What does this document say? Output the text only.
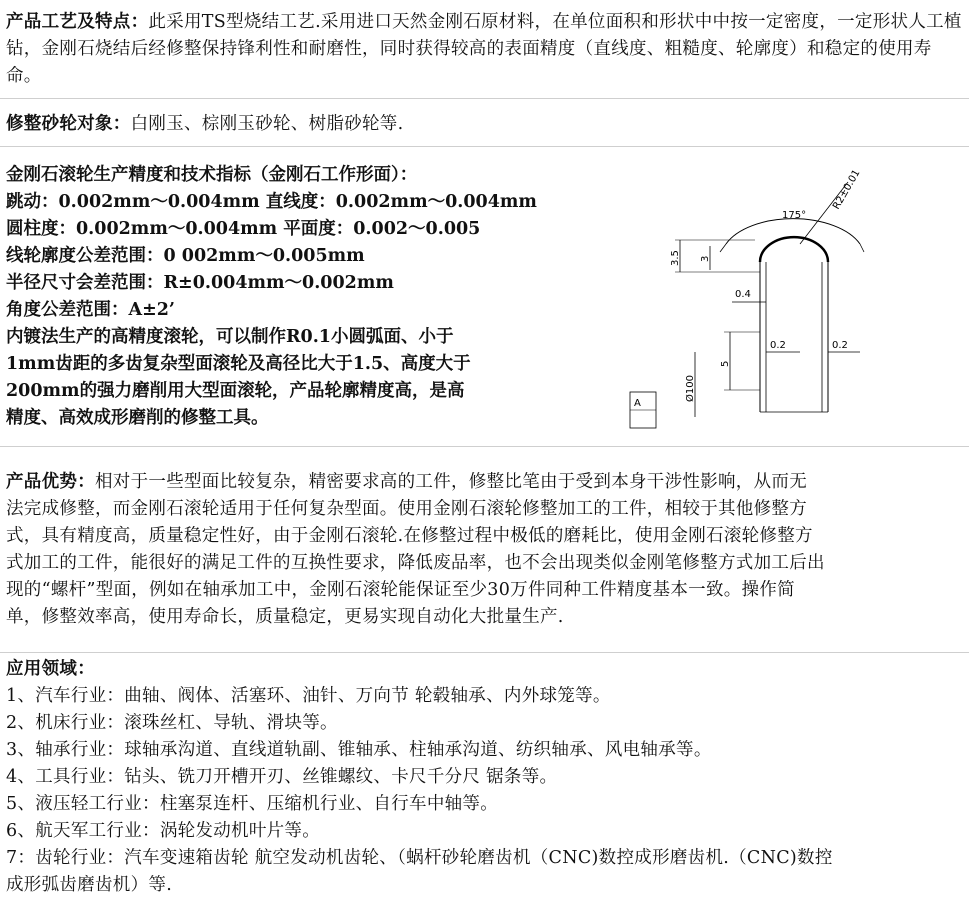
产品工艺及特点：此采用TS型烧结工艺.采用进口天然金刚石原材料，在单位面积和形状中中按一定密度，一定形状人工植钻，金刚石烧结后经修整保持锋利性和耐磨性，同时获得较高的表面精度（直线度、粗糙度、轮廓度）和稳定的使用寿命。
修整砂轮对象：白刚玉、棕刚玉砂轮、树脂砂轮等.
金刚石滚轮生产精度和技术指标（金刚石工作形面）：
跳动：0.002mm～0.004mm 直线度：0.002mm～0.004mm
圆柱度：0.002mm～0.004mm 平面度：0.002～0.005
线轮廓度公差范围：0 002mm～0.005mm
半径尺寸会差范围：R±0.004mm～0.002mm
角度公差范围：A±2’
内镀法生产的高精度滚轮，可以制作R0.1小圆弧面、小于
1mm齿距的多齿复杂型面滚轮及高径比大于1.5、高度大于
200mm的强力磨削用大型面滚轮，产品轮廓精度高，是高
精度、高效成形磨削的修整工具。
175°
R2±0.01
3.5 3
0.4
0.2	0.2
5
Ø100
A
产品优势：相对于一些型面比较复杂，精密要求高的工件，修整比笔由于受到本身干涉性影响，从而无
法完成修整，而金刚石滚轮适用于任何复杂型面。使用金刚石滚轮修整加工的工件，相较于其他修整方
式，具有精度高，质量稳定性好，由于金刚石滚轮.在修整过程中极低的磨耗比，使用金刚石滚轮修整方
式加工的工件，能很好的满足工件的互换性要求，降低废品率，也不会出现类似金刚笔修整方式加工后出
现的“螺杆”型面，例如在轴承加工中，金刚石滚轮能保证至少30万件同种工件精度基本一致。操作简
单，修整效率高，使用寿命长，质量稳定，更易实现自动化大批量生产.
应用领域：
1、汽车行业：曲轴、阀体、活塞环、油针、万向节 轮毂轴承、内外球笼等。
2、机床行业：滚珠丝杠、导轨、滑块等。
3、轴承行业：球轴承沟道、直线道轨副、锥轴承、柱轴承沟道、纺织轴承、风电轴承等。
4、工具行业：钻头、铣刀开槽开刃、丝锥螺纹、卡尺千分尺 锯条等。
5、液压轻工行业：柱塞泵连杆、压缩机行业、自行车中轴等。
6、航天军工行业：涡轮发动机叶片等。
7：齿轮行业：汽车变速箱齿轮 航空发动机齿轮、（蜗杆砂轮磨齿机（CNC)数控成形磨齿机.（CNC)数控
成形弧齿磨齿机）等.
